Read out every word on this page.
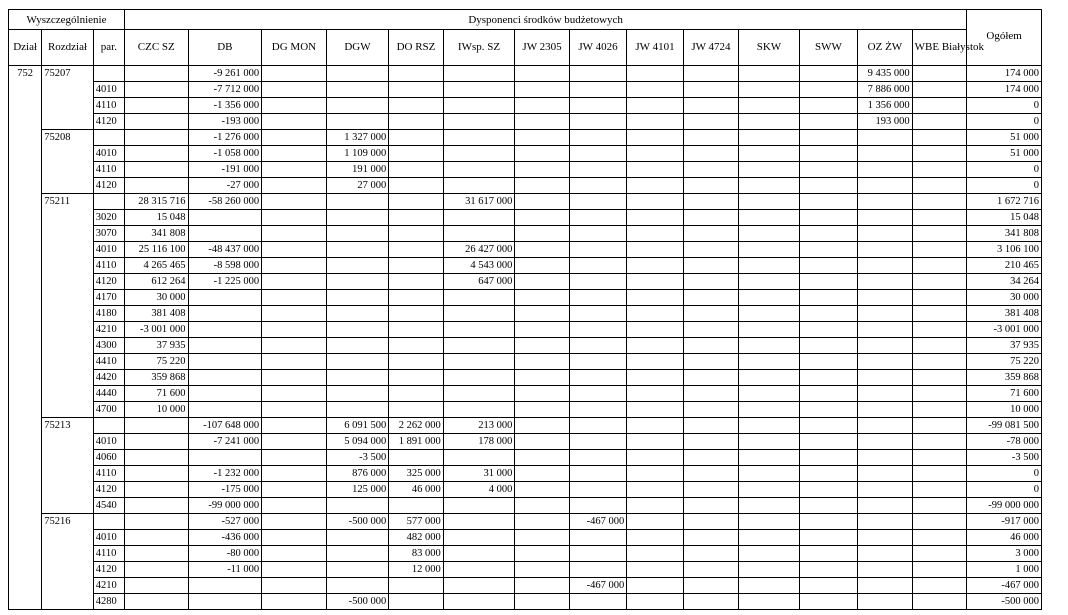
Wyszczególnienie			Dysponenci środków budżetowych														Ogółem
Dział	Rozdział	par.	CZC SZ	DB	DG MON	DGW	DO RSZ	IWsp. SZ	JW 2305	JW 4026	JW 4101	JW 4724	SKW	SWW	OZ ŻW	WBE Białystok	
752	75207			-9 261 000											9 435 000		174 000
		4010		-7 712 000											7 886 000		174 000
		4110		-1 356 000											1 356 000		0
		4120		-193 000											193 000		0
	75208			-1 276 000		1 327 000											51 000
		4010		-1 058 000		1 109 000											51 000
		4110		-191 000		191 000											0
		4120		-27 000		27 000											0
	75211		28 315 716	-58 260 000				31 617 000									1 672 716
		3020	15 048														15 048
		3070	341 808														341 808
		4010	25 116 100	-48 437 000				26 427 000									3 106 100
		4110	4 265 465	-8 598 000				4 543 000									210 465
		4120	612 264	-1 225 000				647 000									34 264
		4170	30 000														30 000
		4180	381 408														381 408
		4210	-3 001 000														-3 001 000
		4300	37 935														37 935
		4410	75 220														75 220
		4420	359 868														359 868
		4440	71 600														71 600
		4700	10 000														10 000
	75213			-107 648 000		6 091 500	2 262 000	213 000									-99 081 500
		4010		-7 241 000		5 094 000	1 891 000	178 000									-78 000
		4060				-3 500											-3 500
		4110		-1 232 000		876 000	325 000	31 000									0
		4120		-175 000		125 000	46 000	4 000									0
		4540		-99 000 000													-99 000 000
	75216			-527 000		-500 000	577 000			-467 000							-917 000
		4010		-436 000			482 000										46 000
		4110		-80 000			83 000										3 000
		4120		-11 000			12 000										1 000
		4210								-467 000							-467 000
		4280				-500 000											-500 000
